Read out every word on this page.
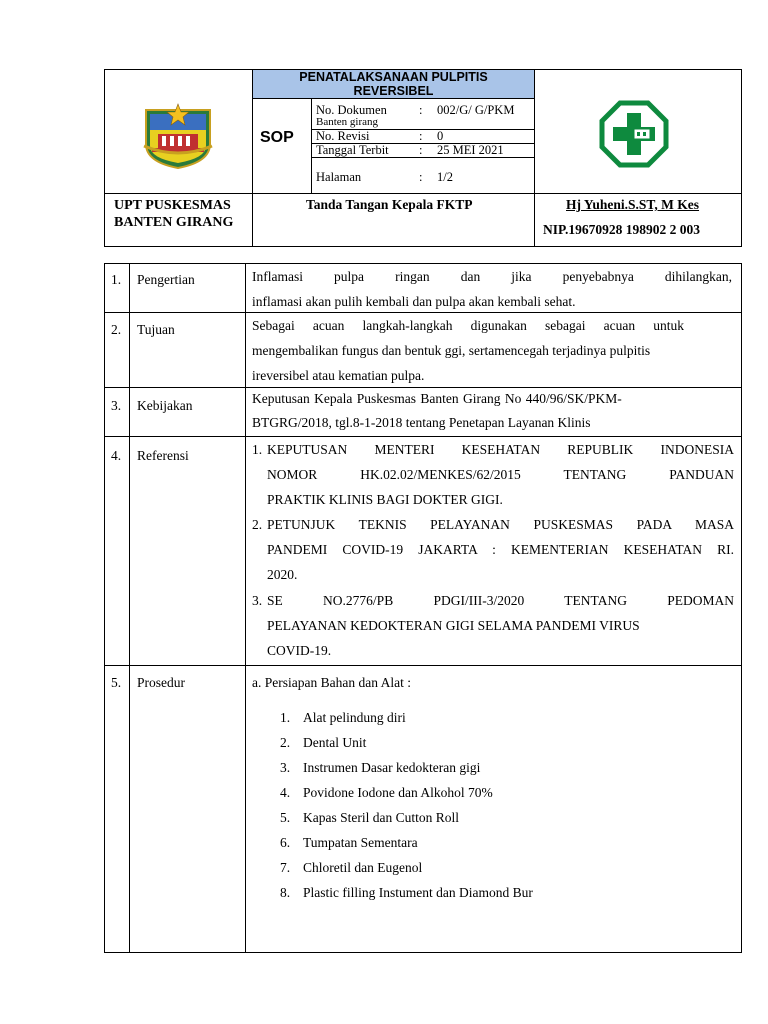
PENATALAKSANAAN PULPITIS
REVERSIBEL
SOP
No. Dokumen	: 002/G/ G/PKM
Banten girang
No. Revisi	: 0
Tanggal Terbit : 25 MEI 2021
Halaman	: 1/2
UPT PUSKESMAS
BANTEN GIRANG
Tanda Tangan Kepala FKTP	Hj Yuheni.S.ST, M Kes
NIP.19670928 198902 2 003
1. Pengertian	Inflamasi pulpa ringan dan jika penyebabnya dihilangkan,
inflamasi akan pulih kembali dan pulpa akan kembali sehat.
2. Tujuan	Sebagai acuan langkah-langkah digunakan sebagai acuan untuk
mengembalikan fungus dan bentuk ggi, sertamencegah terjadinya pulpitis
ireversibel atau kematian pulpa.
3. Kebijakan	Keputusan Kepala Puskesmas Banten Girang No 440/96/SK/PKM-
BTGRG/2018, tgl.8-1-2018 tentang Penetapan Layanan Klinis
4. Referensi	1. KEPUTUSAN MENTERI KESEHATAN REPUBLIK INDONESIA
NOMOR HK.02.02/MENKES/62/2015 TENTANG PANDUAN
PRAKTIK KLINIS BAGI DOKTER GIGI.
2. PETUNJUK TEKNIS PELAYANAN PUSKESMAS PADA MASA
PANDEMI COVID-19 JAKARTA : KEMENTERIAN KESEHATAN RI.
2020.
3. SE NO.2776/PB PDGI/III-3/2020 TENTANG PEDOMAN
PELAYANAN KEDOKTERAN GIGI SELAMA PANDEMI VIRUS
COVID-19.
5. Prosedur	a. Persiapan Bahan dan Alat :
1. Alat pelindung diri
2. Dental Unit
3. Instrumen Dasar kedokteran gigi
4. Povidone Iodone dan Alkohol 70%
5. Kapas Steril dan Cutton Roll
6. Tumpatan Sementara
7. Chloretil dan Eugenol
8. Plastic filling Instument dan Diamond Bur
